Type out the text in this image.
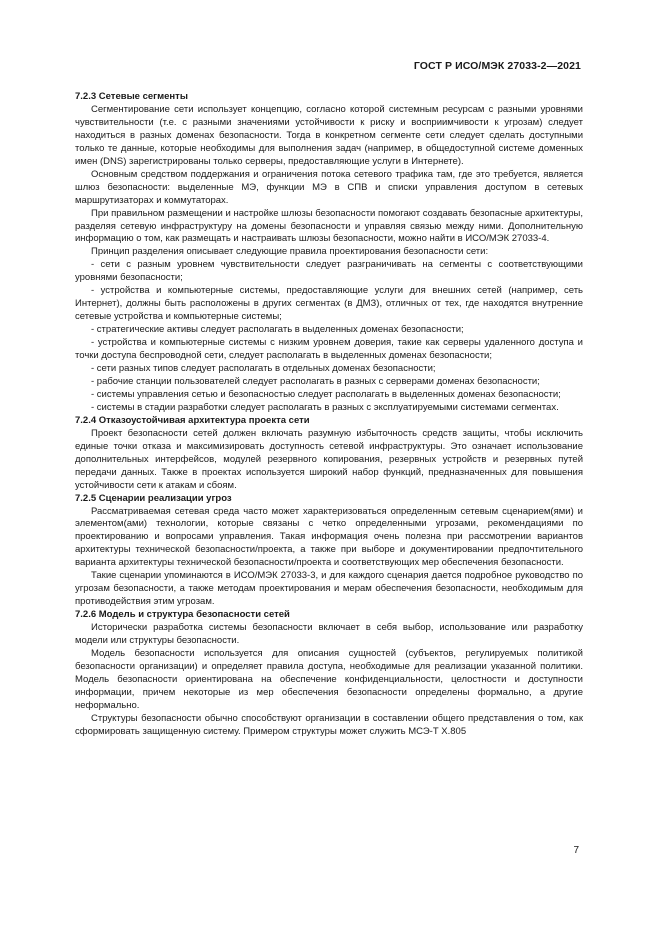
ГОСТ Р ИСО/МЭК 27033-2—2021
7.2.3 Сетевые сегменты

Сегментирование сети использует концепцию, согласно которой системным ресурсам с разными уровнями чувствительности (т.е. с разными значениями устойчивости к риску и восприимчивости к угрозам) следует находиться в разных доменах безопасности. Тогда в конкретном сегменте сети следует сделать доступными только те данные, которые необходимы для выполнения задач (например, в общедоступной системе доменных имен (DNS) зарегистрированы только серверы, предоставляющие услуги в Интернете).

Основным средством поддержания и ограничения потока сетевого трафика там, где это требуется, является шлюз безопасности: выделенные МЭ, функции МЭ в СПВ и списки управления доступом в сетевых маршрутизаторах и коммутаторах.

При правильном размещении и настройке шлюзы безопасности помогают создавать безопасные архитектуры, разделяя сетевую инфраструктуру на домены безопасности и управляя связью между ними. Дополнительную информацию о том, как размещать и настраивать шлюзы безопасности, можно найти в ИСО/МЭК 27033-4.

Принцип разделения описывает следующие правила проектирования безопасности сети:

- сети с разным уровнем чувствительности следует разграничивать на сегменты с соответствующими уровнями безопасности;

- устройства и компьютерные системы, предоставляющие услуги для внешних сетей (например, сеть Интернет), должны быть расположены в других сегментах (в ДМЗ), отличных от тех, где находятся внутренние сетевые устройства и компьютерные системы;

- стратегические активы следует располагать в выделенных доменах безопасности;

- устройства и компьютерные системы с низким уровнем доверия, такие как серверы удаленного доступа и точки доступа беспроводной сети, следует располагать в выделенных доменах безопасности;

- сети разных типов следует располагать в отдельных доменах безопасности;

- рабочие станции пользователей следует располагать в разных с серверами доменах безопасности;

- системы управления сетью и безопасностью следует располагать в выделенных доменах безопасности;

- системы в стадии разработки следует располагать в разных с эксплуатируемыми системами сегментах.

7.2.4 Отказоустойчивая архитектура проекта сети

Проект безопасности сетей должен включать разумную избыточность средств защиты, чтобы исключить единые точки отказа и максимизировать доступность сетевой инфраструктуры. Это означает использование дополнительных интерфейсов, модулей резервного копирования, резервных устройств и резервных путей передачи данных. Также в проектах используется широкий набор функций, предназначенных для повышения устойчивости сети к атакам и сбоям.

7.2.5 Сценарии реализации угроз

Рассматриваемая сетевая среда часто может характеризоваться определенным сетевым сценарием(ями) и элементом(ами) технологии, которые связаны с четко определенными угрозами, рекомендациями по проектированию и вопросами управления. Такая информация очень полезна при рассмотрении вариантов архитектуры технической безопасности/проекта, а также при выборе и документировании предпочтительного варианта архитектуры технической безопасности/проекта и соответствующих мер обеспечения безопасности.

Такие сценарии упоминаются в ИСО/МЭК 27033-3, и для каждого сценария дается подробное руководство по угрозам безопасности, а также методам проектирования и мерам обеспечения безопасности, необходимым для противодействия этим угрозам.

7.2.6 Модель и структура безопасности сетей

Исторически разработка системы безопасности включает в себя выбор, использование или разработку модели или структуры безопасности.

Модель безопасности используется для описания сущностей (субъектов, регулируемых политикой безопасности организации) и определяет правила доступа, необходимые для реализации указанной политики. Модель безопасности ориентирована на обеспечение конфиденциальности, целостности и доступности информации, причем некоторые из мер обеспечения безопасности определены формально, а другие неформально.

Структуры безопасности обычно способствуют организации в составлении общего представления о том, как сформировать защищенную систему. Примером структуры может служить МСЭ-Т Х.805

7
